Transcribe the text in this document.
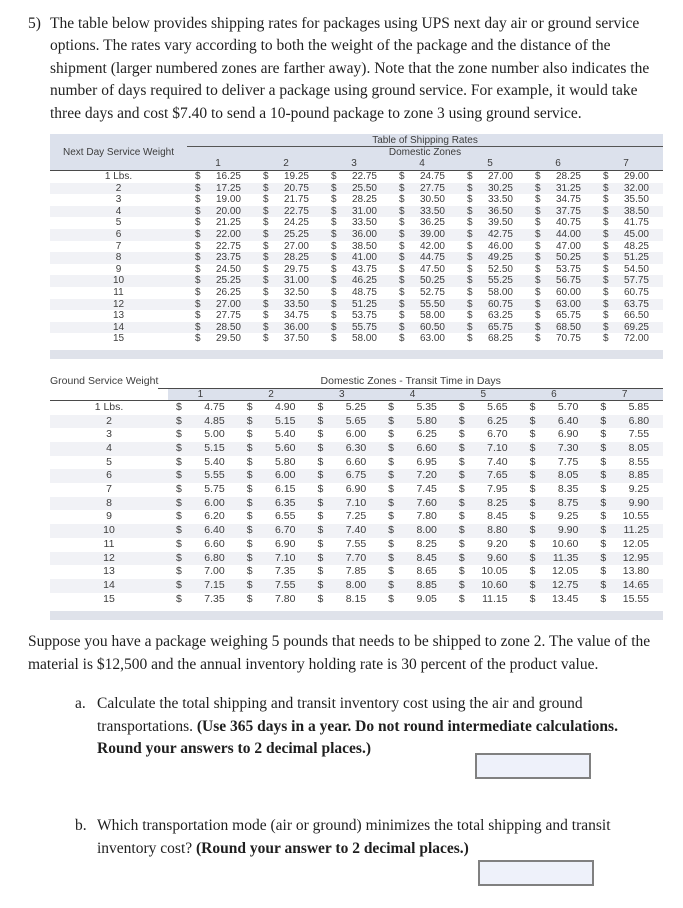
5) The table below provides shipping rates for packages using UPS next day air or ground service options. The rates vary according to both the weight of the package and the distance of the shipment (larger numbered zones are farther away). Note that the zone number also indicates the number of days required to deliver a package using ground service. For example, it would take three days and cost $7.40 to send a 10-pound package to zone 3 using ground service.
Next Day Service Weight
Table of Shipping Rates
Domestic Zones
1	2	3	4	5	6	7
1 Lbs.	$ 16.25 $ 19.25 $ 22.75 $ 24.75 $ 27.00 $ 28.25 $ 29.00
2	$ 17.25 $ 20.75 $ 25.50 $ 27.75 $ 30.25 $ 31.25 $ 32.00
3	$ 19.00 $ 21.75 $ 28.25 $ 30.50 $ 33.50 $ 34.75 $ 35.50
4	$ 20.00 $ 22.75 $ 31.00 $ 33.50 $ 36.50 $ 37.75 $ 38.50
5	$ 21.25 $ 24.25 $ 33.50 $ 36.25 $ 39.50 $ 40.75 $ 41.75
6	$ 22.00 $ 25.25 $ 36.00 $ 39.00 $ 42.75 $ 44.00 $ 45.00
7	$ 22.75 $ 27.00 $ 38.50 $ 42.00 $ 46.00 $ 47.00 $ 48.25
8	$ 23.75 $ 28.25 $ 41.00 $ 44.75 $ 49.25 $ 50.25 $ 51.25
9	$ 24.50 $ 29.75 $ 43.75 $ 47.50 $ 52.50 $ 53.75 $ 54.50
10	$ 25.25 $ 31.00 $ 46.25 $ 50.25 $ 55.25 $ 56.75 $ 57.75
11	$ 26.25 $ 32.50 $ 48.75 $ 52.75 $ 58.00 $ 60.00 $ 60.75
12	$ 27.00 $ 33.50 $ 51.25 $ 55.50 $ 60.75 $ 63.00 $ 63.75
13	$ 27.75 $ 34.75 $ 53.75 $ 58.00 $ 63.25 $ 65.75 $ 66.50
14	$ 28.50 $ 36.00 $ 55.75 $ 60.50 $ 65.75 $ 68.50 $ 69.25
15	$ 29.50 $ 37.50 $ 58.00 $ 63.00 $ 68.25 $ 70.75 $ 72.00
Ground Service Weight	Domestic Zones - Transit Time in Days
1	2	3	4	5	6	7
1 Lbs.	$ 4.75 $ 4.90 $ 5.25 $ 5.35 $ 5.65 $ 5.70 $ 5.85
2	$ 4.85 $ 5.15 $ 5.65 $ 5.80 $ 6.25 $ 6.40 $ 6.80
3	$ 5.00 $ 5.40 $ 6.00 $ 6.25 $ 6.70 $ 6.90 $ 7.55
4	$ 5.15 $ 5.60 $ 6.30 $ 6.60 $ 7.10 $ 7.30 $ 8.05
5	$ 5.40 $ 5.80 $ 6.60 $ 6.95 $ 7.40 $ 7.75 $ 8.55
6	$ 5.55 $ 6.00 $ 6.75 $ 7.20 $ 7.65 $ 8.05 $ 8.85
7	$ 5.75 $ 6.15 $ 6.90 $ 7.45 $ 7.95 $ 8.35 $ 9.25
8	$ 6.00 $ 6.35 $ 7.10 $ 7.60 $ 8.25 $ 8.75 $ 9.90
9	$ 6.20 $ 6.55 $ 7.25 $ 7.80 $ 8.45 $ 9.25 $ 10.55
10	$ 6.40 $ 6.70 $ 7.40 $ 8.00 $ 8.80 $ 9.90 $ 11.25
11	$ 6.60 $ 6.90 $ 7.55 $ 8.25 $ 9.20 $ 10.60 $ 12.05
12	$ 6.80 $ 7.10 $ 7.70 $ 8.45 $ 9.60 $ 11.35 $ 12.95
13	$ 7.00 $ 7.35 $ 7.85 $ 8.65 $ 10.05 $ 12.05 $ 13.80
14	$ 7.15 $ 7.55 $ 8.00 $ 8.85 $ 10.60 $ 12.75 $ 14.65
15	$ 7.35 $ 7.80 $ 8.15 $ 9.05 $ 11.15 $ 13.45 $ 15.55
Suppose you have a package weighing 5 pounds that needs to be shipped to zone 2. The value of the material is $12,500 and the annual inventory holding rate is 30 percent of the product value.
a. Calculate the total shipping and transit inventory cost using the air and ground transportations. (Use 365 days in a year. Do not round intermediate calculations. Round your answers to 2 decimal places.)
b. Which transportation mode (air or ground) minimizes the total shipping and transit inventory cost? (Round your answer to 2 decimal places.)
